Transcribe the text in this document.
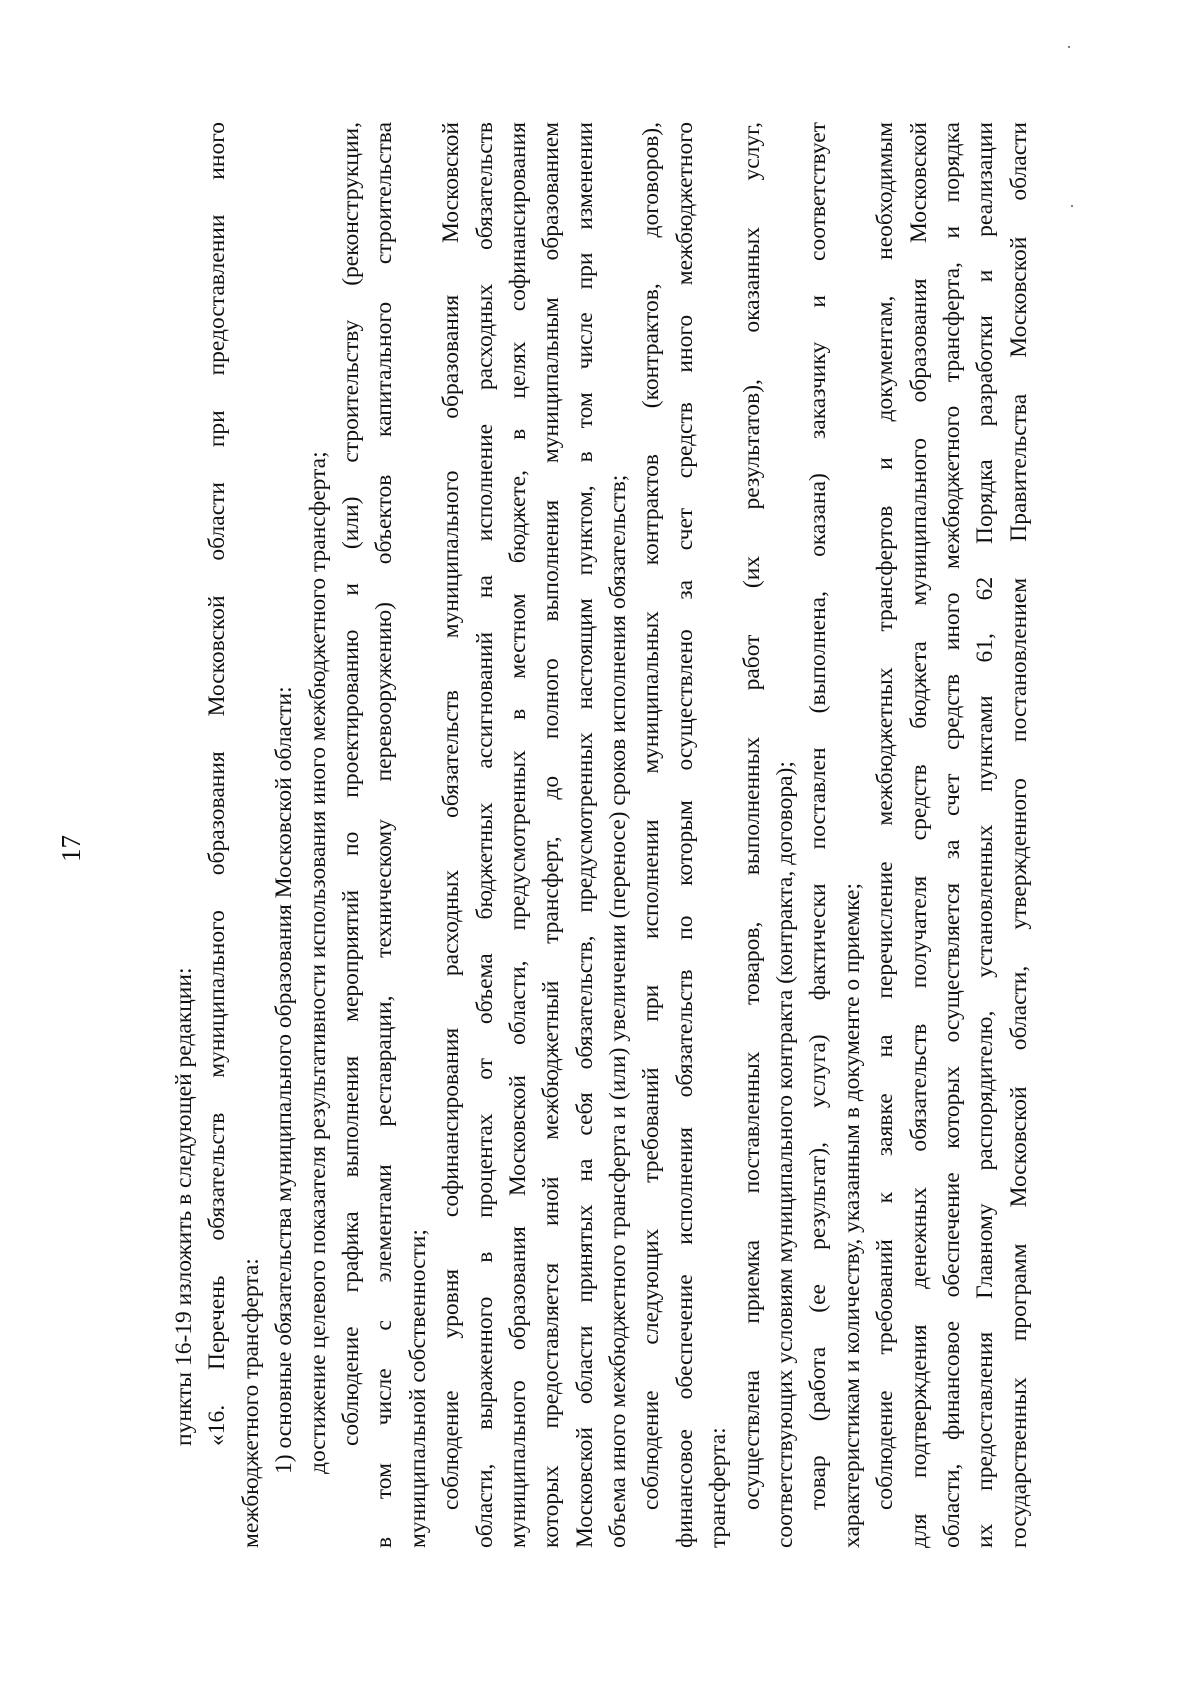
17
пункты 16-19 изложить в следующей редакции: «16. Перечень обязательств муниципального образования Московской области при предоставлении иного межбюджетного трансферта: 1) основные обязательства муниципального образования Московской области: достижение целевого показателя результативности использования иного межбюджетного трансферта; соблюдение графика выполнения мероприятий по проектированию и (или) строительству (реконструкции, в том числе с элементами реставрации, техническому перевооружению) объектов капитального строительства муниципальной собственности; соблюдение уровня софинансирования расходных обязательств муниципального образования Московской области, выраженного в процентах от объема бюджетных ассигнований на исполнение расходных обязательств муниципального образования Московской области, предусмотренных в местном бюджете, в целях софинансирования которых предоставляется иной межбюджетный трансферт, до полного выполнения муниципальным образованием Московской области принятых на себя обязательств, предусмотренных настоящим пунктом, в том числе при изменении объема иного межбюджетного трансферта и (или) увеличении (переносе) сроков исполнения обязательств; соблюдение следующих требований при исполнении муниципальных контрактов (контрактов, договоров), финансовое обеспечение исполнения обязательств по которым осуществлено за счет средств иного межбюджетного трансферта: осуществлена приемка поставленных товаров, выполненных работ (их результатов), оказанных услуг, соответствующих условиям муниципального контракта (контракта, договора); товар (работа (ее результат), услуга) фактически поставлен (выполнена, оказана) заказчику и соответствует характеристикам и количеству, указанным в документе о приемке; соблюдение требований к заявке на перечисление межбюджетных трансфертов и документам, необходимым для подтверждения денежных обязательств получателя средств бюджета муниципального образования Московской области, финансовое обеспечение которых осуществляется за счет средств иного межбюджетного трансферта, и порядка их предоставления Главному распорядителю, установленных пунктами 61, 62 Порядка разработки и реализации государственных программ Московской области, утвержденного постановлением Правительства Московской области
